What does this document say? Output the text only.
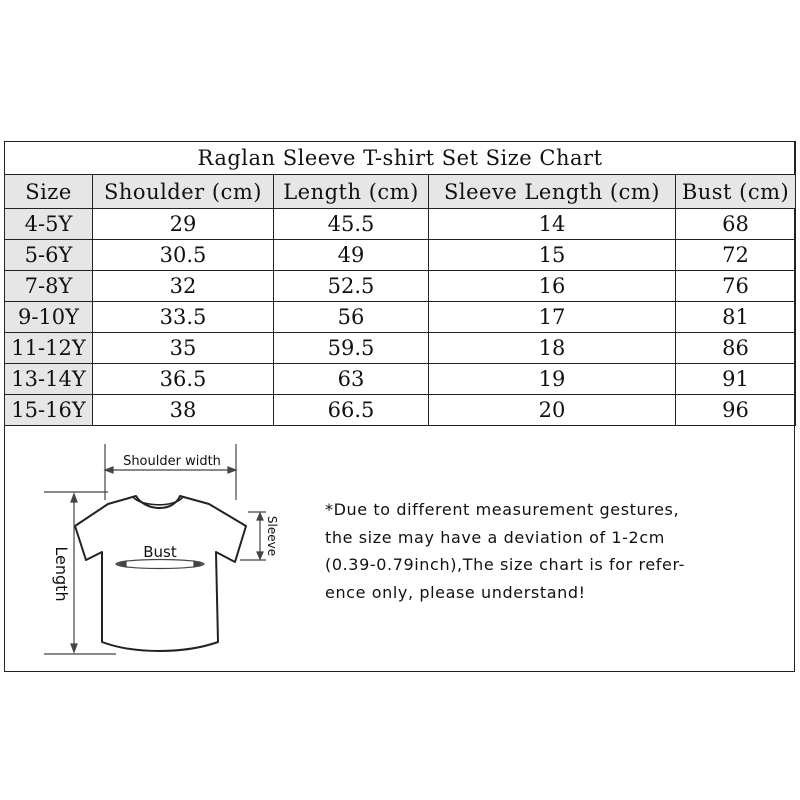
Raglan Sleeve T-shirt Set Size Chart				
Size	Shoulder (cm)	Length (cm)	Sleeve Length (cm)	Bust (cm)
4-5Y	29	45.5	14	68
5-6Y	30.5	49	15	72
7-8Y	32	52.5	16	76
9-10Y	33.5	56	17	81
11-12Y	35	59.5	18	86
13-14Y	36.5	63	19	91
15-16Y	38	66.5	20	96
Shoulder width
Bust	Sleeve
Length
*Due to different measurement gestures,
the size may have a deviation of 1-2cm
(0.39-0.79inch),The size chart is for refer-
ence only, please understand!
